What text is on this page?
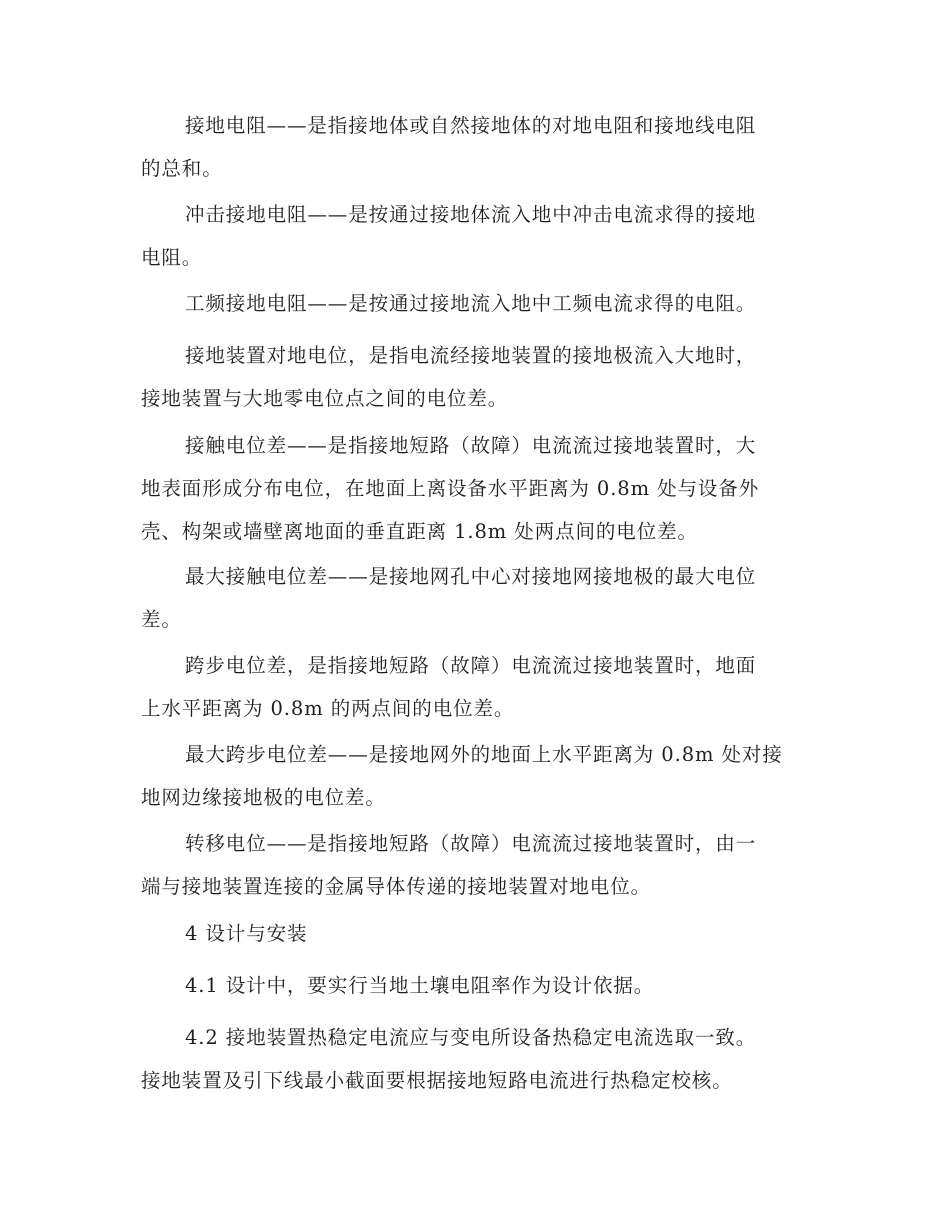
接地电阻——是指接地体或自然接地体的对地电阻和接地线电阻
的总和。

冲击接地电阻——是按通过接地体流入地中冲击电流求得的接地
电阻。

工频接地电阻——是按通过接地流入地中工频电流求得的电阻。

接地装置对地电位，是指电流经接地装置的接地极流入大地时，
接地装置与大地零电位点之间的电位差。

接触电位差——是指接地短路（故障）电流流过接地装置时，大
地表面形成分布电位，在地面上离设备水平距离为 0.8m 处与设备外
壳、构架或墙壁离地面的垂直距离 1.8m 处两点间的电位差。

最大接触电位差——是接地网孔中心对接地网接地极的最大电位
差。

跨步电位差，是指接地短路（故障）电流流过接地装置时，地面
上水平距离为 0.8m 的两点间的电位差。

最大跨步电位差——是接地网外的地面上水平距离为 0.8m 处对接
地网边缘接地极的电位差。

转移电位——是指接地短路（故障）电流流过接地装置时，由一
端与接地装置连接的金属导体传递的接地装置对地电位。

4 设计与安装

4.1 设计中，要实行当地土壤电阻率作为设计依据。

4.2 接地装置热稳定电流应与变电所设备热稳定电流选取一致。
接地装置及引下线最小截面要根据接地短路电流进行热稳定校核。
